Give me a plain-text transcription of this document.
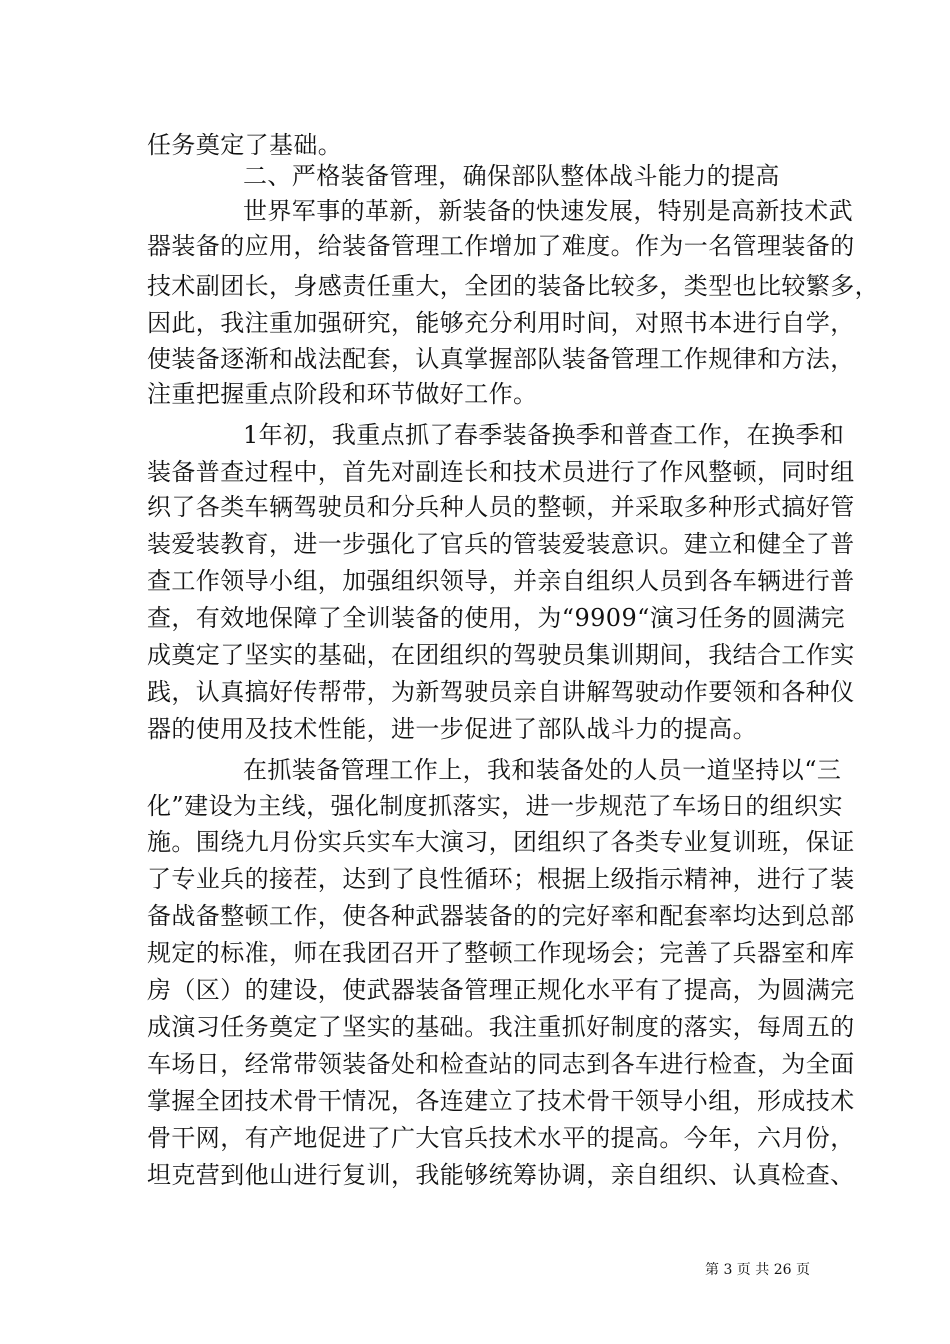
任务奠定了基础。
二、严格装备管理，确保部队整体战斗能力的提高
世界军事的革新，新装备的快速发展，特别是高新技术武
器装备的应用，给装备管理工作增加了难度。作为一名管理装备的
技术副团长，身感责任重大，全团的装备比较多，类型也比较繁多，
因此，我注重加强研究，能够充分利用时间，对照书本进行自学，
使装备逐渐和战法配套，认真掌握部队装备管理工作规律和方法，
注重把握重点阶段和环节做好工作。
1年初，我重点抓了春季装备换季和普查工作，在换季和
装备普查过程中，首先对副连长和技术员进行了作风整顿，同时组
织了各类车辆驾驶员和分兵种人员的整顿，并采取多种形式搞好管
装爱装教育，进一步强化了官兵的管装爱装意识。建立和健全了普
查工作领导小组，加强组织领导，并亲自组织人员到各车辆进行普
查，有效地保障了全训装备的使用，为“9909“演习任务的圆满完
成奠定了坚实的基础，在团组织的驾驶员集训期间，我结合工作实
践，认真搞好传帮带，为新驾驶员亲自讲解驾驶动作要领和各种仪
器的使用及技术性能，进一步促进了部队战斗力的提高。
在抓装备管理工作上，我和装备处的人员一道坚持以“三
化”建设为主线，强化制度抓落实，进一步规范了车场日的组织实
施。围绕九月份实兵实车大演习，团组织了各类专业复训班，保证
了专业兵的接茬，达到了良性循环；根据上级指示精神，进行了装
备战备整顿工作，使各种武器装备的的完好率和配套率均达到总部
规定的标准，师在我团召开了整顿工作现场会；完善了兵器室和库
房（区）的建设，使武器装备管理正规化水平有了提高，为圆满完
成演习任务奠定了坚实的基础。我注重抓好制度的落实，每周五的
车场日，经常带领装备处和检查站的同志到各车进行检查，为全面
掌握全团技术骨干情况，各连建立了技术骨干领导小组，形成技术
骨干网，有产地促进了广大官兵技术水平的提高。今年，六月份，
坦克营到他山进行复训，我能够统筹协调，亲自组织、认真检查、
第 3 页 共 26 页
